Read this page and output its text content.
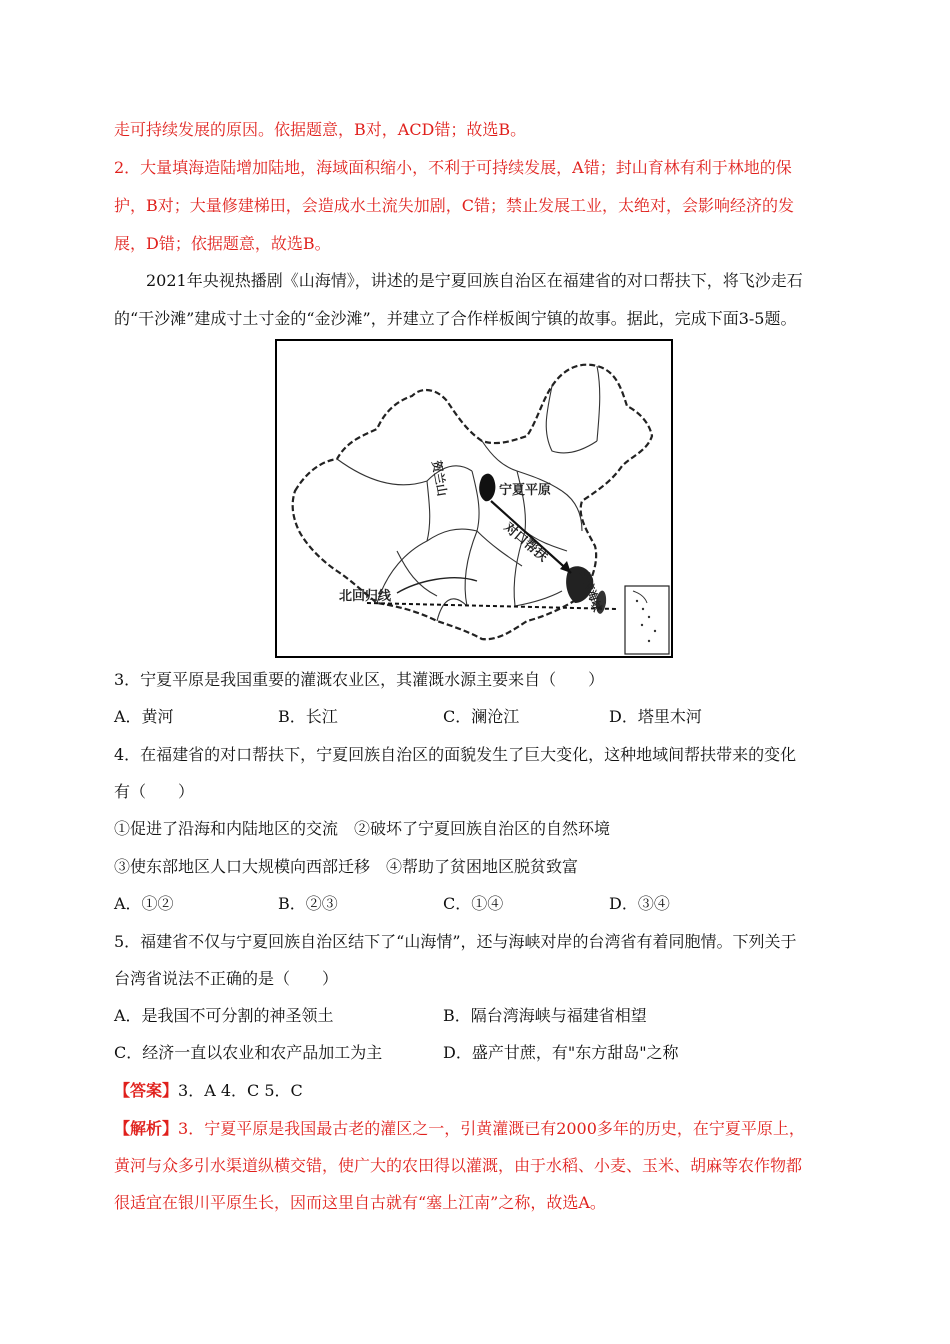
走可持续发展的原因。依据题意，B对，ACD错；故选B。
2．大量填海造陆增加陆地，海域面积缩小，不利于可持续发展，A错；封山育林有利于林地的保
护，B对；大量修建梯田，会造成水土流失加剧，C错；禁止发展工业，太绝对，会影响经济的发
展，D错；依据题意，故选B。
2021年央视热播剧《山海情》，讲述的是宁夏回族自治区在福建省的对口帮扶下，将飞沙走石
的“干沙滩”建成寸土寸金的“金沙滩”，并建立了合作样板闽宁镇的故事。据此，完成下面3-5题。
贺兰山	宁夏平原
对口帮扶
台湾海峡
北回归线
3．宁夏平原是我国重要的灌溉农业区，其灌溉水源主要来自（　　）
A．黄河	B．长江	C．澜沧江	D．塔里木河
4．在福建省的对口帮扶下，宁夏回族自治区的面貌发生了巨大变化，这种地域间帮扶带来的变化
有（　　）
①促进了沿海和内陆地区的交流　②破坏了宁夏回族自治区的自然环境
③使东部地区人口大规模向西部迁移　④帮助了贫困地区脱贫致富
A．①②	B．②③	C．①④	D．③④
5．福建省不仅与宁夏回族自治区结下了“山海情”，还与海峡对岸的台湾省有着同胞情。下列关于
台湾省说法不正确的是（　　）
A．是我国不可分割的神圣领土	B．隔台湾海峡与福建省相望
C．经济一直以农业和农产品加工为主	D．盛产甘蔗，有"东方甜岛"之称
【答案】3．A 4．C 5．C
【解析】3．宁夏平原是我国最古老的灌区之一，引黄灌溉已有2000多年的历史，在宁夏平原上，
黄河与众多引水渠道纵横交错，使广大的农田得以灌溉，由于水稻、小麦、玉米、胡麻等农作物都
很适宜在银川平原生长，因而这里自古就有“塞上江南”之称，故选A。
